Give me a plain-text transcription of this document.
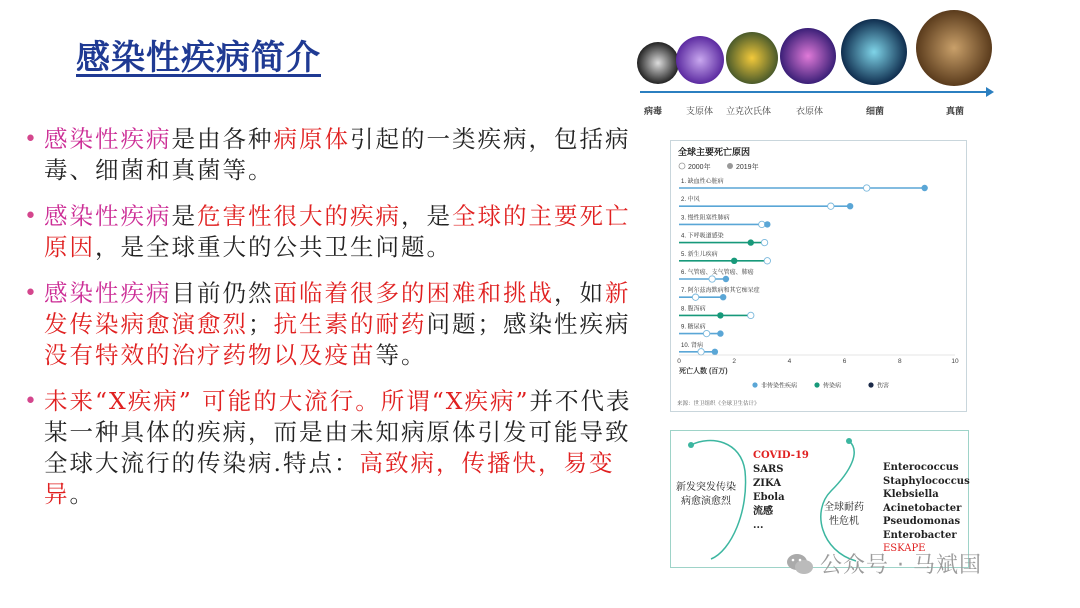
感染性疾病简介
• 感染性疾病是由各种病原体引起的一类疾病，包括病毒、细菌和真菌等。
• 感染性疾病是危害性很大的疾病，是全球的主要死亡原因，是全球重大的公共卫生问题。
• 感染性疾病目前仍然面临着很多的困难和挑战，如新发传染病愈演愈烈；抗生素的耐药问题；感染性疾病没有特效的治疗药物以及疫苗等。
• 未来“X疾病” 可能的大流行。所谓“X疾病”并不代表某一种具体的疾病，而是由未知病原体引发可能导致全球大流行的传染病.特点：高致病，传播快，易变异。
病毒	支原体 立克次氏体	衣原体	细菌	真菌
全球主要死亡原因
2000年	2019年
1. 缺血性心脏病
2. 中风
3. 慢性阻塞性肺病
4. 下呼吸道感染
5. 新生儿疾病
6. 气管癌、支气管癌、肺癌
7. 阿尔兹海默病和其它痴呆症
8. 腹泻病
9. 糖尿病
10. 肾病
0	2	4	6	8	10
死亡人数 (百万)
非传染性疾病	传染病	伤害
来源：世卫组织《全球卫生估计》
新发突发传染病愈演愈烈
COVID-19
SARS
ZIKA
Ebola
流感
...
全球耐药性危机
Enterococcus
Staphylococcus
Klebsiella
Acinetobacter
Pseudomonas
Enterobacter
ESKAPE
公众号 · 马斌国
